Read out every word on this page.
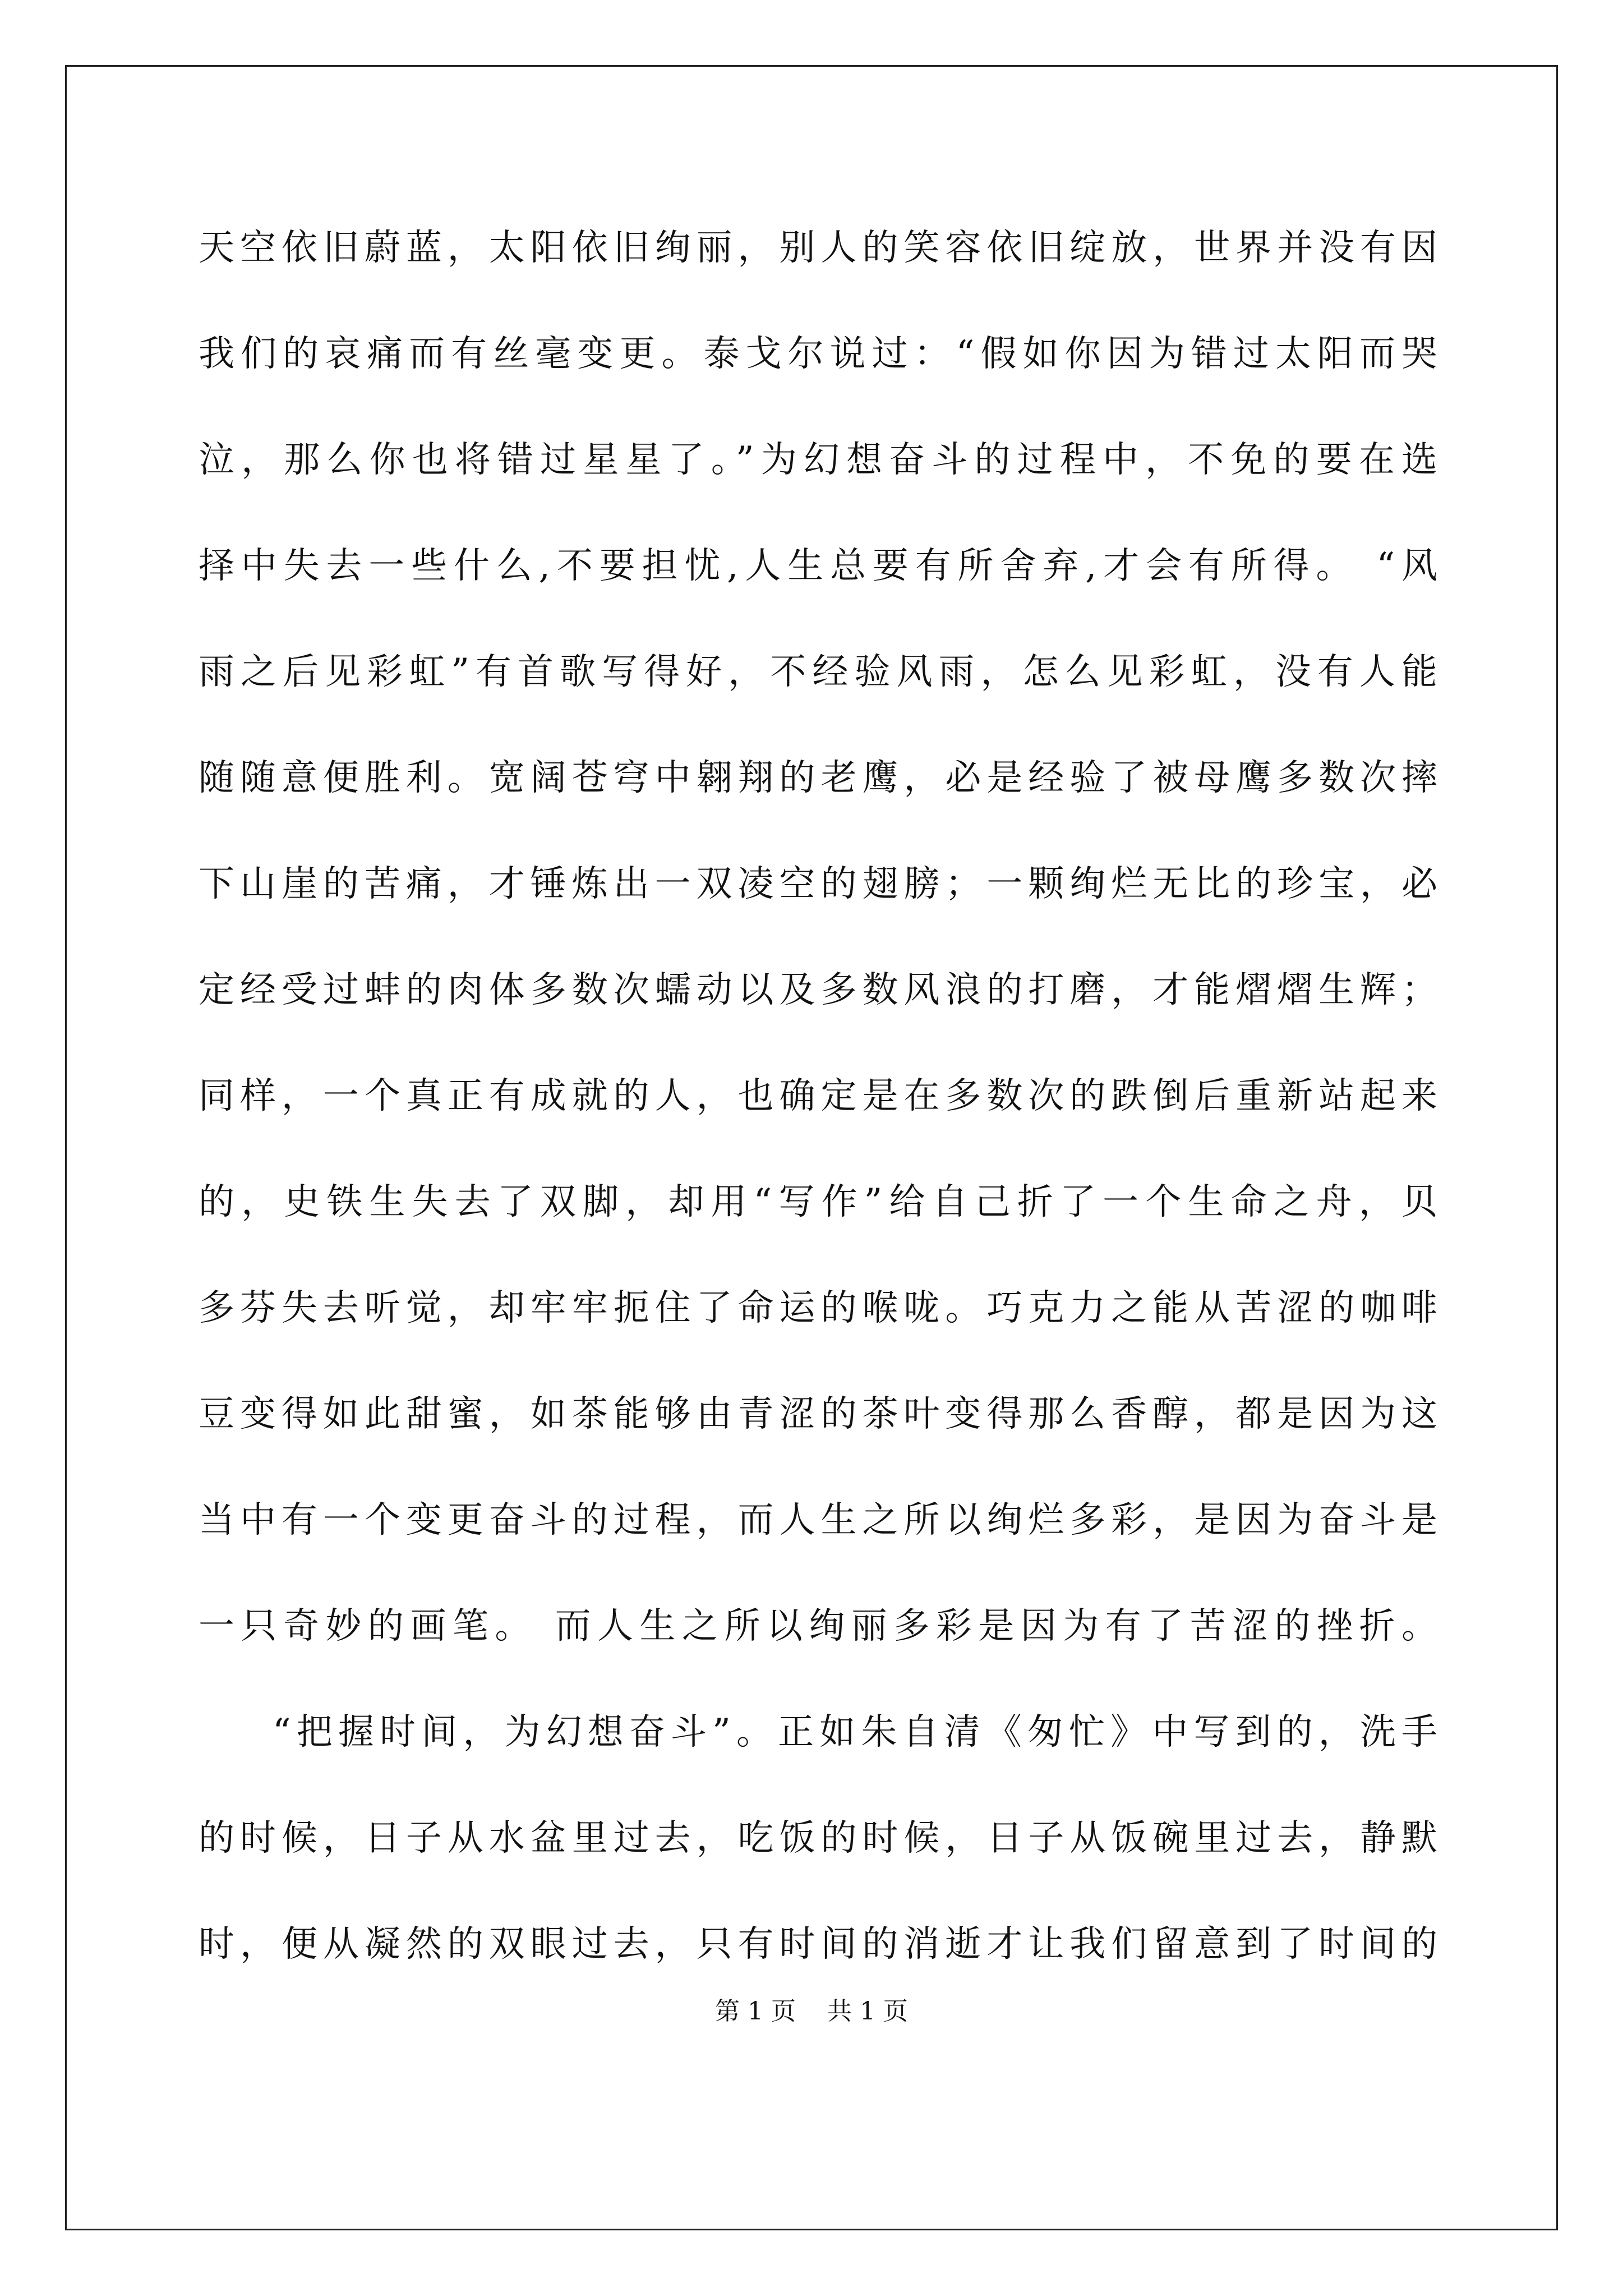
天空依旧蔚蓝，太阳依旧绚丽，别人的笑容依旧绽放，世界并没有因
我们的哀痛而有丝毫变更。泰戈尔说过：“假如你因为错过太阳而哭
泣，那么你也将错过星星了。”为幻想奋斗的过程中，不免的要在选
择中失去一些什么,不要担忧,人生总要有所舍弃,才会有所得。 “风
雨之后见彩虹”有首歌写得好，不经验风雨，怎么见彩虹，没有人能
随随意便胜利。宽阔苍穹中翱翔的老鹰，必是经验了被母鹰多数次摔
下山崖的苦痛，才锤炼出一双凌空的翅膀；一颗绚烂无比的珍宝，必
定经受过蚌的肉体多数次蠕动以及多数风浪的打磨，才能熠熠生辉；
同样，一个真正有成就的人，也确定是在多数次的跌倒后重新站起来
的，史铁生失去了双脚，却用“写作”给自己折了一个生命之舟，贝
多芬失去听觉，却牢牢扼住了命运的喉咙。巧克力之能从苦涩的咖啡
豆变得如此甜蜜，如茶能够由青涩的茶叶变得那么香醇，都是因为这
当中有一个变更奋斗的过程，而人生之所以绚烂多彩，是因为奋斗是
一只奇妙的画笔。 而人生之所以绚丽多彩是因为有了苦涩的挫折。
“把握时间，为幻想奋斗”。正如朱自清《匆忙》中写到的，洗手
的时候，日子从水盆里过去，吃饭的时候，日子从饭碗里过去，静默
时，便从凝然的双眼过去，只有时间的消逝才让我们留意到了时间的
第 1 页    共 1 页
